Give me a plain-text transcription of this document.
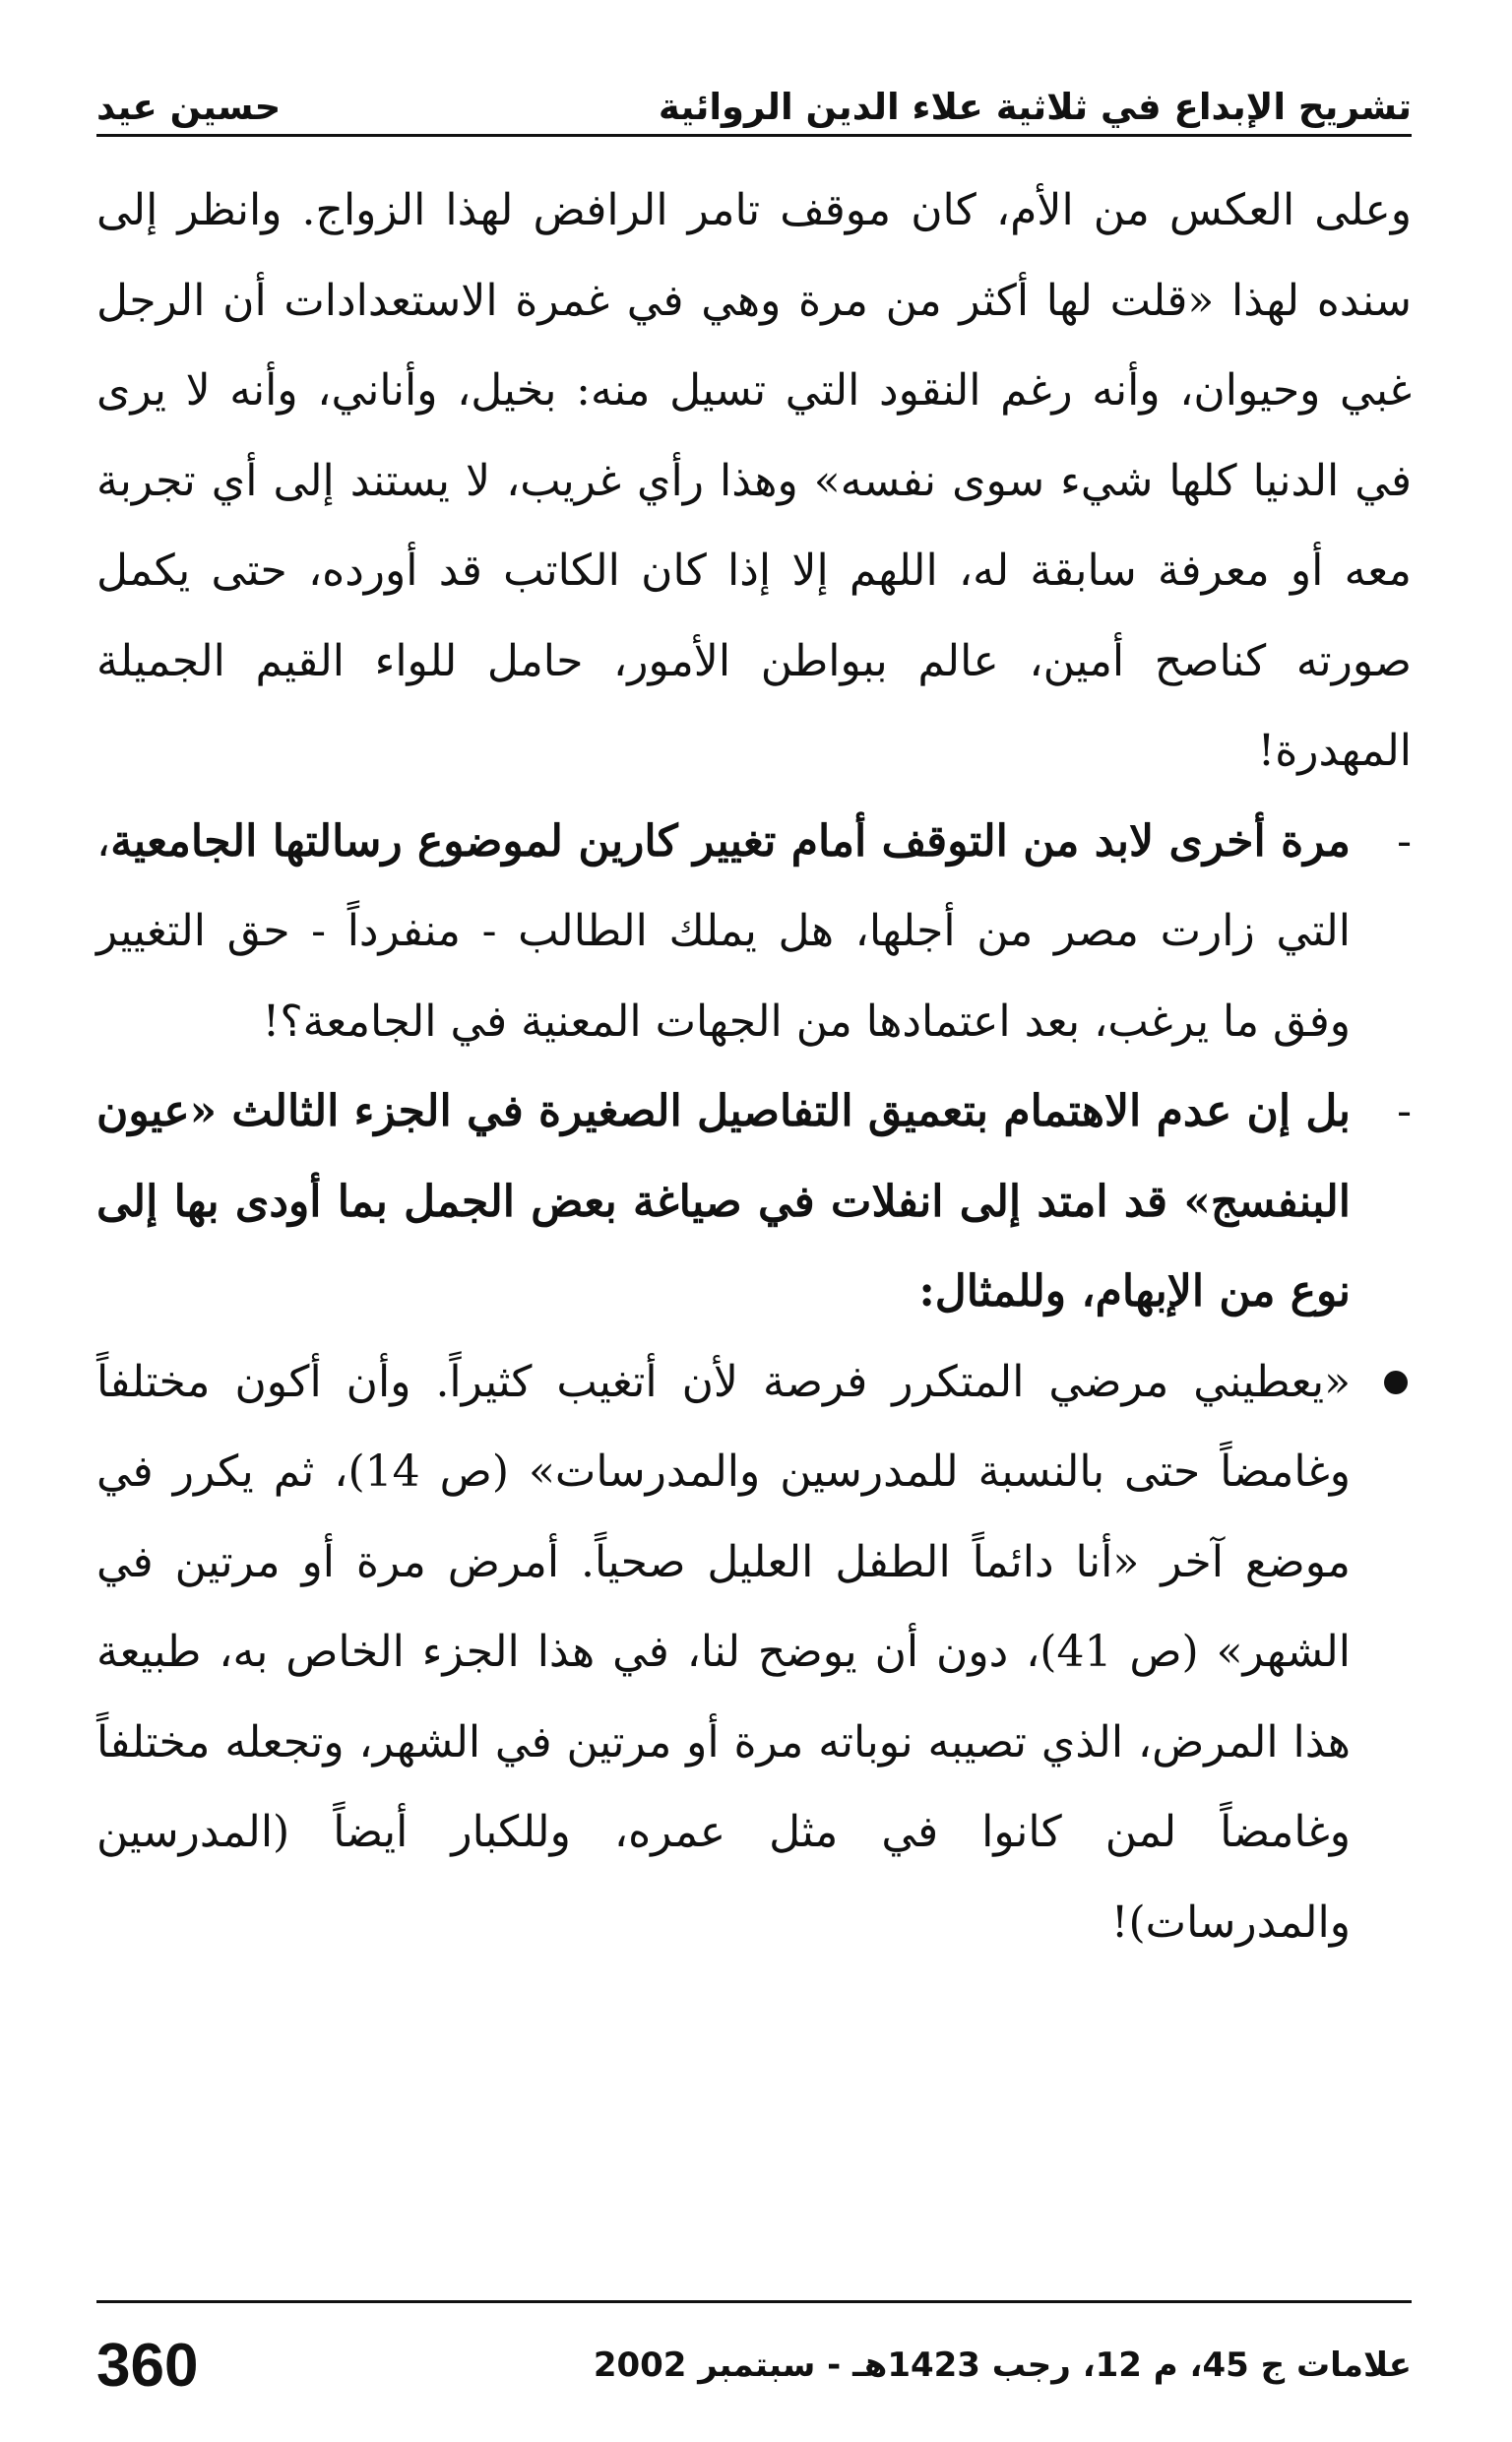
تشريح الإبداع في ثلاثية علاء الدين الروائية
حسين عيد

وعلى العكس من الأم، كان موقف تامر الرافض لهذا الزواج. وانظر إلى سنده لهذا «قلت لها أكثر من مرة وهي في غمرة الاستعدادات أن الرجل غبي وحيوان، وأنه رغم النقود التي تسيل منه: بخيل، وأناني، وأنه لا يرى في الدنيا كلها شيء سوى نفسه» وهذا رأي غريب، لا يستند إلى أي تجربة معه أو معرفة سابقة له، اللهم إلا إذا كان الكاتب قد أورده، حتى يكمل صورته كناصح أمين، عالم ببواطن الأمور، حامل للواء القيم الجميلة المهدرة!

-
مرة أخرى لابد من التوقف أمام تغيير كارين لموضوع رسالتها الجامعية، التي زارت مصر من أجلها، هل يملك الطالب - منفرداً - حق التغيير وفق ما يرغب، بعد اعتمادها من الجهات المعنية في الجامعة؟!

-
بل إن عدم الاهتمام بتعميق التفاصيل الصغيرة في الجزء الثالث «عيون البنفسج» قد امتد إلى انفلات في صياغة بعض الجمل بما أودى بها إلى نوع من الإبهام، وللمثال:

«يعطيني مرضي المتكرر فرصة لأن أتغيب كثيراً. وأن أكون مختلفاً وغامضاً حتى بالنسبة للمدرسين والمدرسات» (ص 14)، ثم يكرر في موضع آخر «أنا دائماً الطفل العليل صحياً. أمرض مرة أو مرتين في الشهر» (ص 41)، دون أن يوضح لنا، في هذا الجزء الخاص به، طبيعة هذا المرض، الذي تصيبه نوباته مرة أو مرتين في الشهر، وتجعله مختلفاً وغامضاً لمن كانوا في مثل عمره، وللكبار أيضاً (المدرسين والمدرسات)!

علامات ج 45، م 12، رجب 1423هـ - سبتمبر 2002
360
